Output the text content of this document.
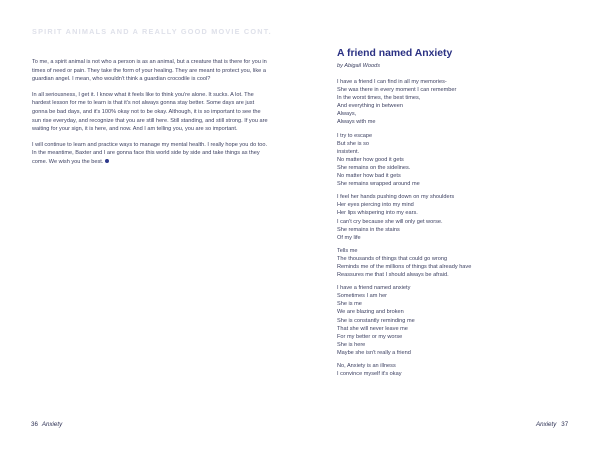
SPIRIT ANIMALS AND A REALLY GOOD MOVIE CONT.

To me, a spirit animal is not who a person is as an animal, but a creature that is there for you in times of need or pain. They take the form of your healing. They are meant to protect you, like a guardian angel. I mean, who wouldn't think a guardian crocodile is cool?

In all seriousness, I get it. I know what it feels like to think you're alone. It sucks. A lot. The hardest lesson for me to learn is that it's not always gonna stay better. Some days are just gonna be bad days, and it's 100% okay not to be okay. Although, it is so important to see the sun rise everyday, and recognize that you are still here. Still standing, and still strong. If you are waiting for your sign, it is here, and now. And I am telling you, you are so important.

I will continue to learn and practice ways to manage my mental health. I really hope you do too. In the meantime, Baxter and I are gonna face this world side by side and take things as they come. We wish you the best.

36 Anxiety
A friend named Anxiety
by Abigail Woods
I have a friend I can find in all my memories-
She was there in every moment I can remember
In the worst times, the best times,
And everything in between
Always,
Always with me
I try to escape
But she is so
insistent.
No matter how good it gets
She remains on the sidelines.
No matter how bad it gets
She remains wrapped around me
I feel her hands pushing down on my shoulders
Her eyes piercing into my mind
Her lips whispering into my ears.
I can't cry because she will only get worse.
She remains in the stains
Of my life
Tells me
The thousands of things that could go wrong
Reminds me of the millions of things that already have
Reassures me that I should always be afraid.
I have a friend named anxiety
Sometimes I am her
She is me
We are blazing and broken
She is constantly reminding me
That she will never leave me
For my better or my worse
She is here
Maybe she isn't really a friend
No, Anxiety is an illness
I convince myself it's okay
Anxiety 37
